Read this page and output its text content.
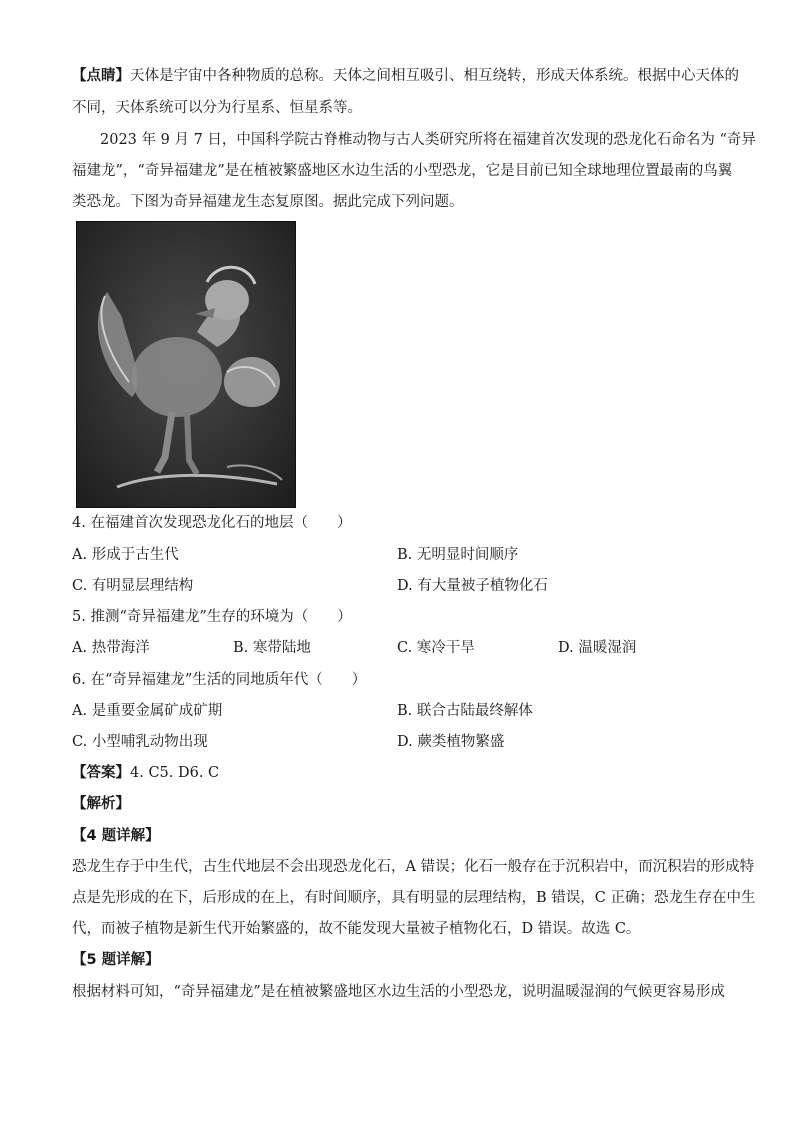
【点睛】天体是宇宙中各种物质的总称。天体之间相互吸引、相互绕转，形成天体系统。根据中心天体的
不同，天体系统可以分为行星系、恒星系等。
2023 年 9 月 7 日，中国科学院古脊椎动物与古人类研究所将在福建首次发现的恐龙化石命名为 “奇异
福建龙”，“奇异福建龙”是在植被繁盛地区水边生活的小型恐龙，它是目前已知全球地理位置最南的鸟翼
类恐龙。下图为奇异福建龙生态复原图。据此完成下列问题。
4. 在福建首次发现恐龙化石的地层（　　）
A. 形成于古生代	B. 无明显时间顺序
C. 有明显层理结构	D. 有大量被子植物化石
5. 推测“奇异福建龙”生存的环境为（　　）
A. 热带海洋	B. 寒带陆地	C. 寒冷干旱	D. 温暖湿润
6. 在“奇异福建龙”生活的同地质年代（　　）
A. 是重要金属矿成矿期	B. 联合古陆最终解体
C. 小型哺乳动物出现	D. 蕨类植物繁盛
【答案】4. C5. D6. C
【解析】
【4 题详解】
恐龙生存于中生代，古生代地层不会出现恐龙化石，A 错误；化石一般存在于沉积岩中，而沉积岩的形成特
点是先形成的在下，后形成的在上，有时间顺序，具有明显的层理结构，B 错误，C 正确；恐龙生存在中生
代，而被子植物是新生代开始繁盛的，故不能发现大量被子植物化石，D 错误。故选 C。
【5 题详解】
根据材料可知，“奇异福建龙”是在植被繁盛地区水边生活的小型恐龙，说明温暖湿润的气候更容易形成
